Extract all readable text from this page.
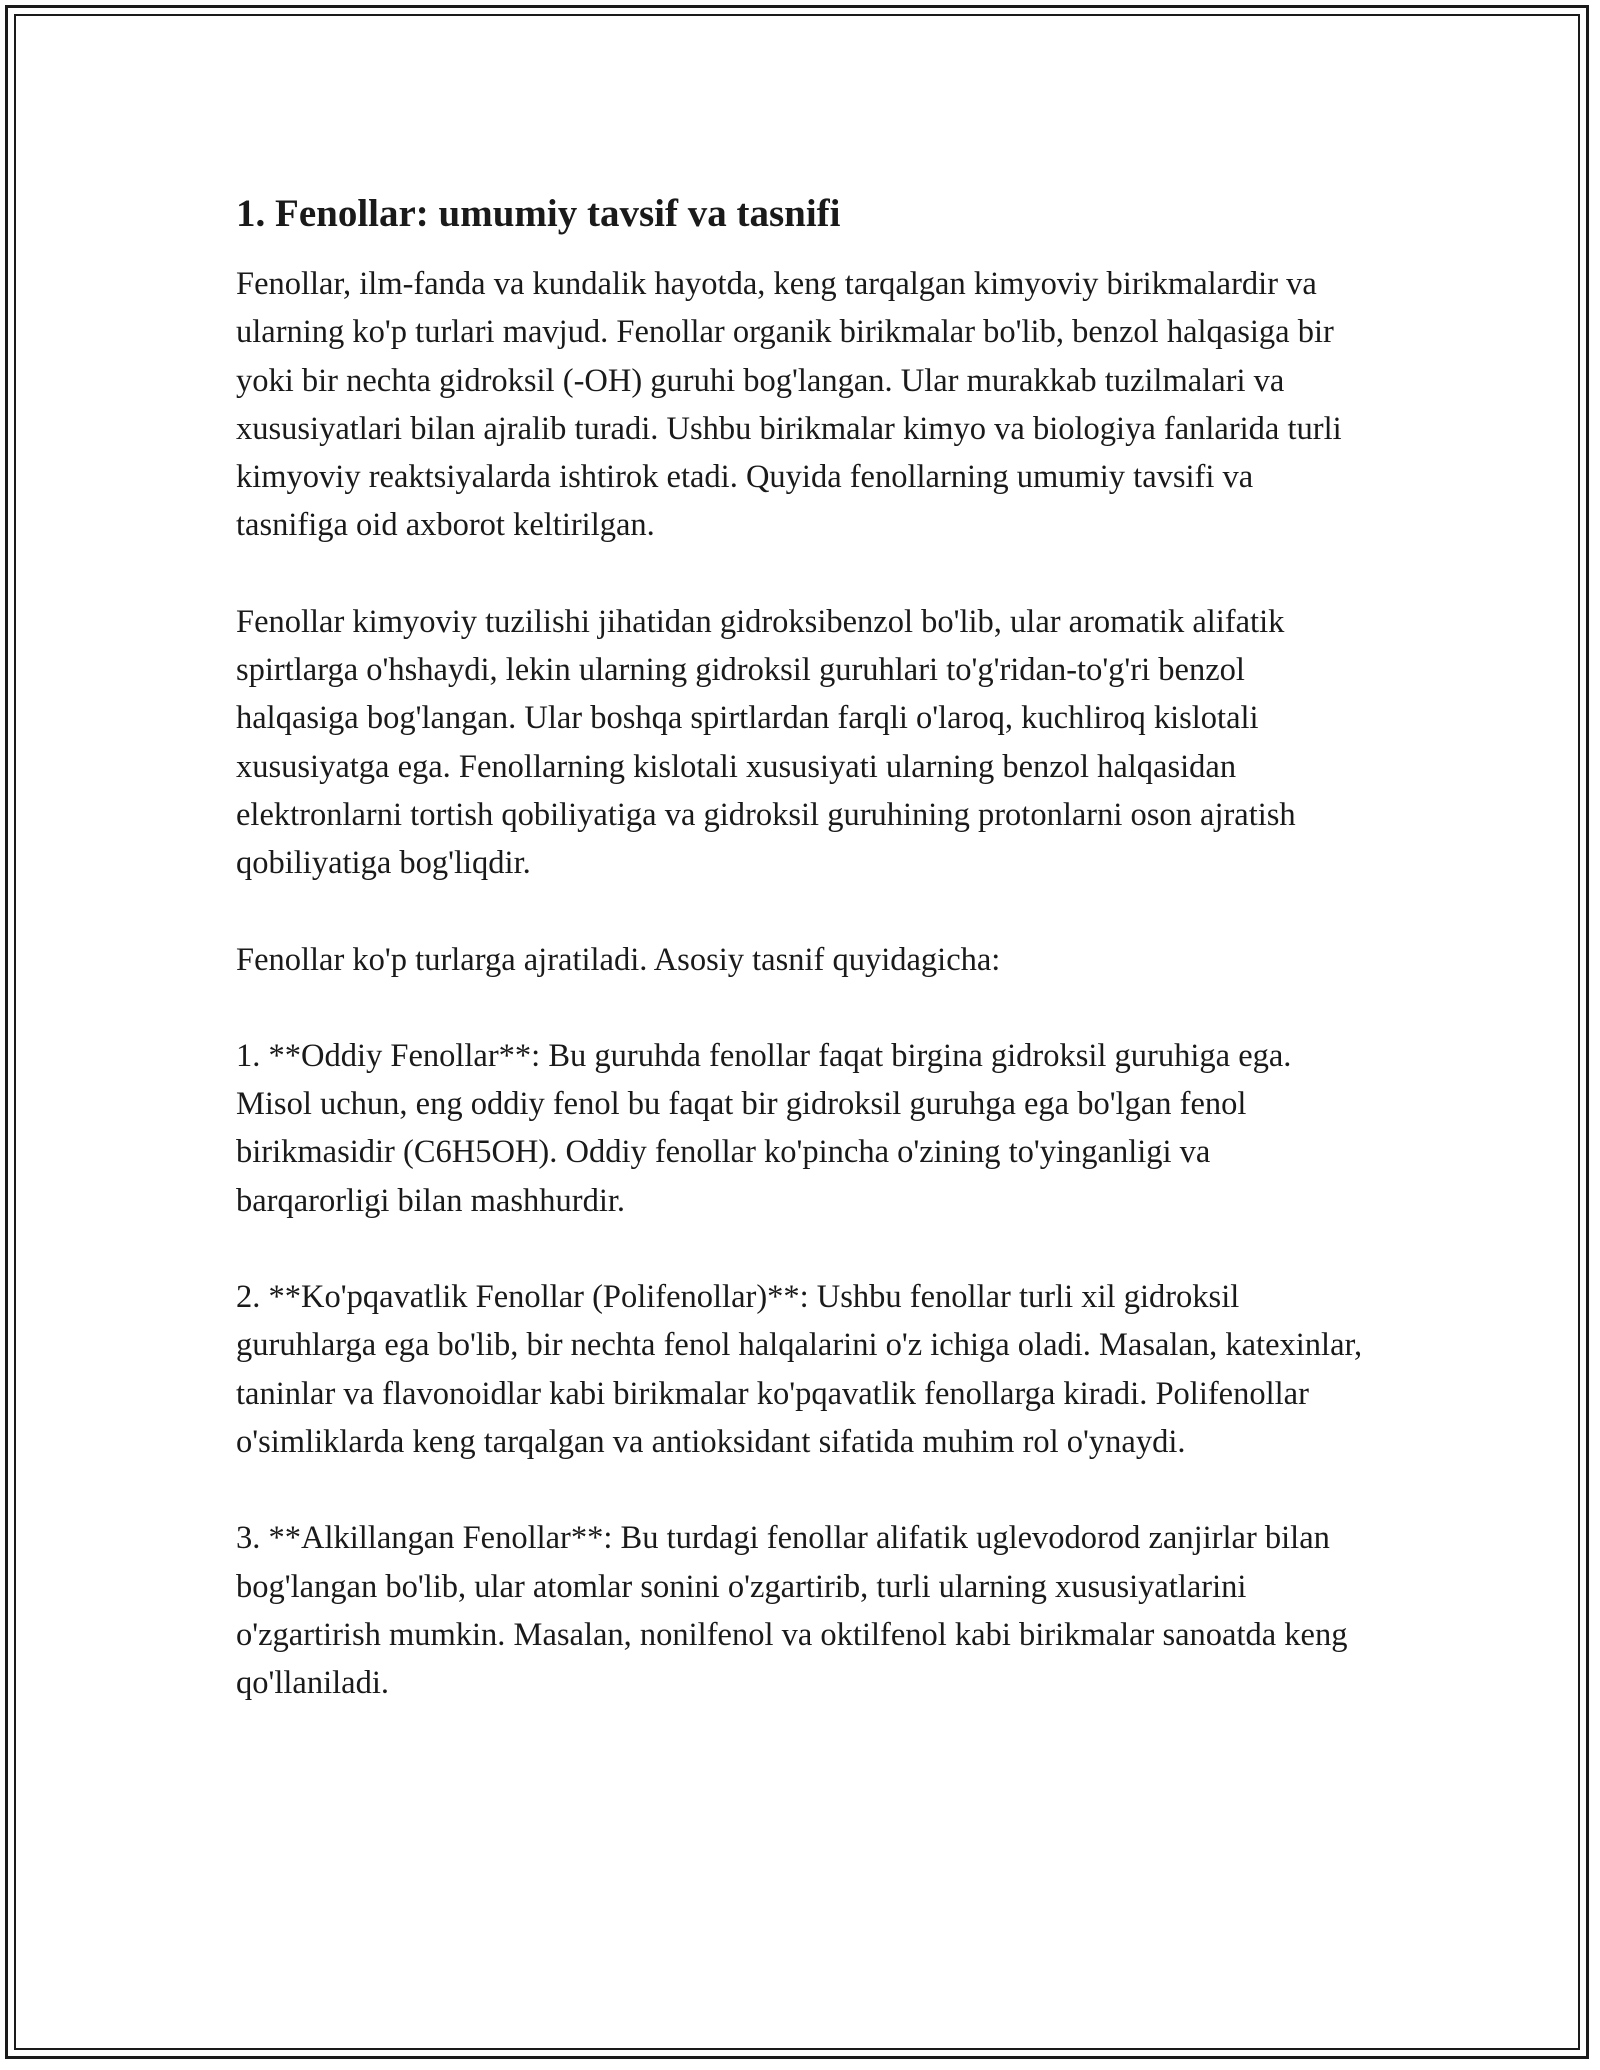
1. Fenollar: umumiy tavsif va tasnifi

Fenollar, ilm-fanda va kundalik hayotda, keng tarqalgan kimyoviy birikmalardir va ularning ko'p turlari mavjud. Fenollar organik birikmalar bo'lib, benzol halqasiga bir yoki bir nechta gidroksil (-OH) guruhi bog'langan. Ular murakkab tuzilmalari va xususiyatlari bilan ajralib turadi. Ushbu birikmalar kimyo va biologiya fanlarida turli kimyoviy reaktsiyalarda ishtirok etadi. Quyida fenollarning umumiy tavsifi va tasnifiga oid axborot keltirilgan.

Fenollar kimyoviy tuzilishi jihatidan gidroksibenzol bo'lib, ular aromatik alifatik spirtlarga o'hshaydi, lekin ularning gidroksil guruhlari to'g'ridan-to'g'ri benzol halqasiga bog'langan. Ular boshqa spirtlardan farqli o'laroq, kuchliroq kislotali xususiyatga ega. Fenollarning kislotali xususiyati ularning benzol halqasidan elektronlarni tortish qobiliyatiga va gidroksil guruhining protonlarni oson ajratish qobiliyatiga bog'liqdir.

Fenollar ko'p turlarga ajratiladi. Asosiy tasnif quyidagicha:

1. **Oddiy Fenollar**: Bu guruhda fenollar faqat birgina gidroksil guruhiga ega. Misol uchun, eng oddiy fenol bu faqat bir gidroksil guruhga ega bo'lgan fenol birikmasidir (C6H5OH). Oddiy fenollar ko'pincha o'zining to'yinganligi va barqarorligi bilan mashhurdir.

2. **Ko'pqavatlik Fenollar (Polifenollar)**: Ushbu fenollar turli xil gidroksil guruhlarga ega bo'lib, bir nechta fenol halqalarini o'z ichiga oladi. Masalan, katexinlar, taninlar va flavonoidlar kabi birikmalar ko'pqavatlik fenollarga kiradi. Polifenollar o'simliklarda keng tarqalgan va antioksidant sifatida muhim rol o'ynaydi.

3. **Alkillangan Fenollar**: Bu turdagi fenollar alifatik uglevodorod zanjirlar bilan bog'langan bo'lib, ular atomlar sonini o'zgartirib, turli ularning xususiyatlarini o'zgartirish mumkin. Masalan, nonilfenol va oktilfenol kabi birikmalar sanoatda keng qo'llaniladi.
